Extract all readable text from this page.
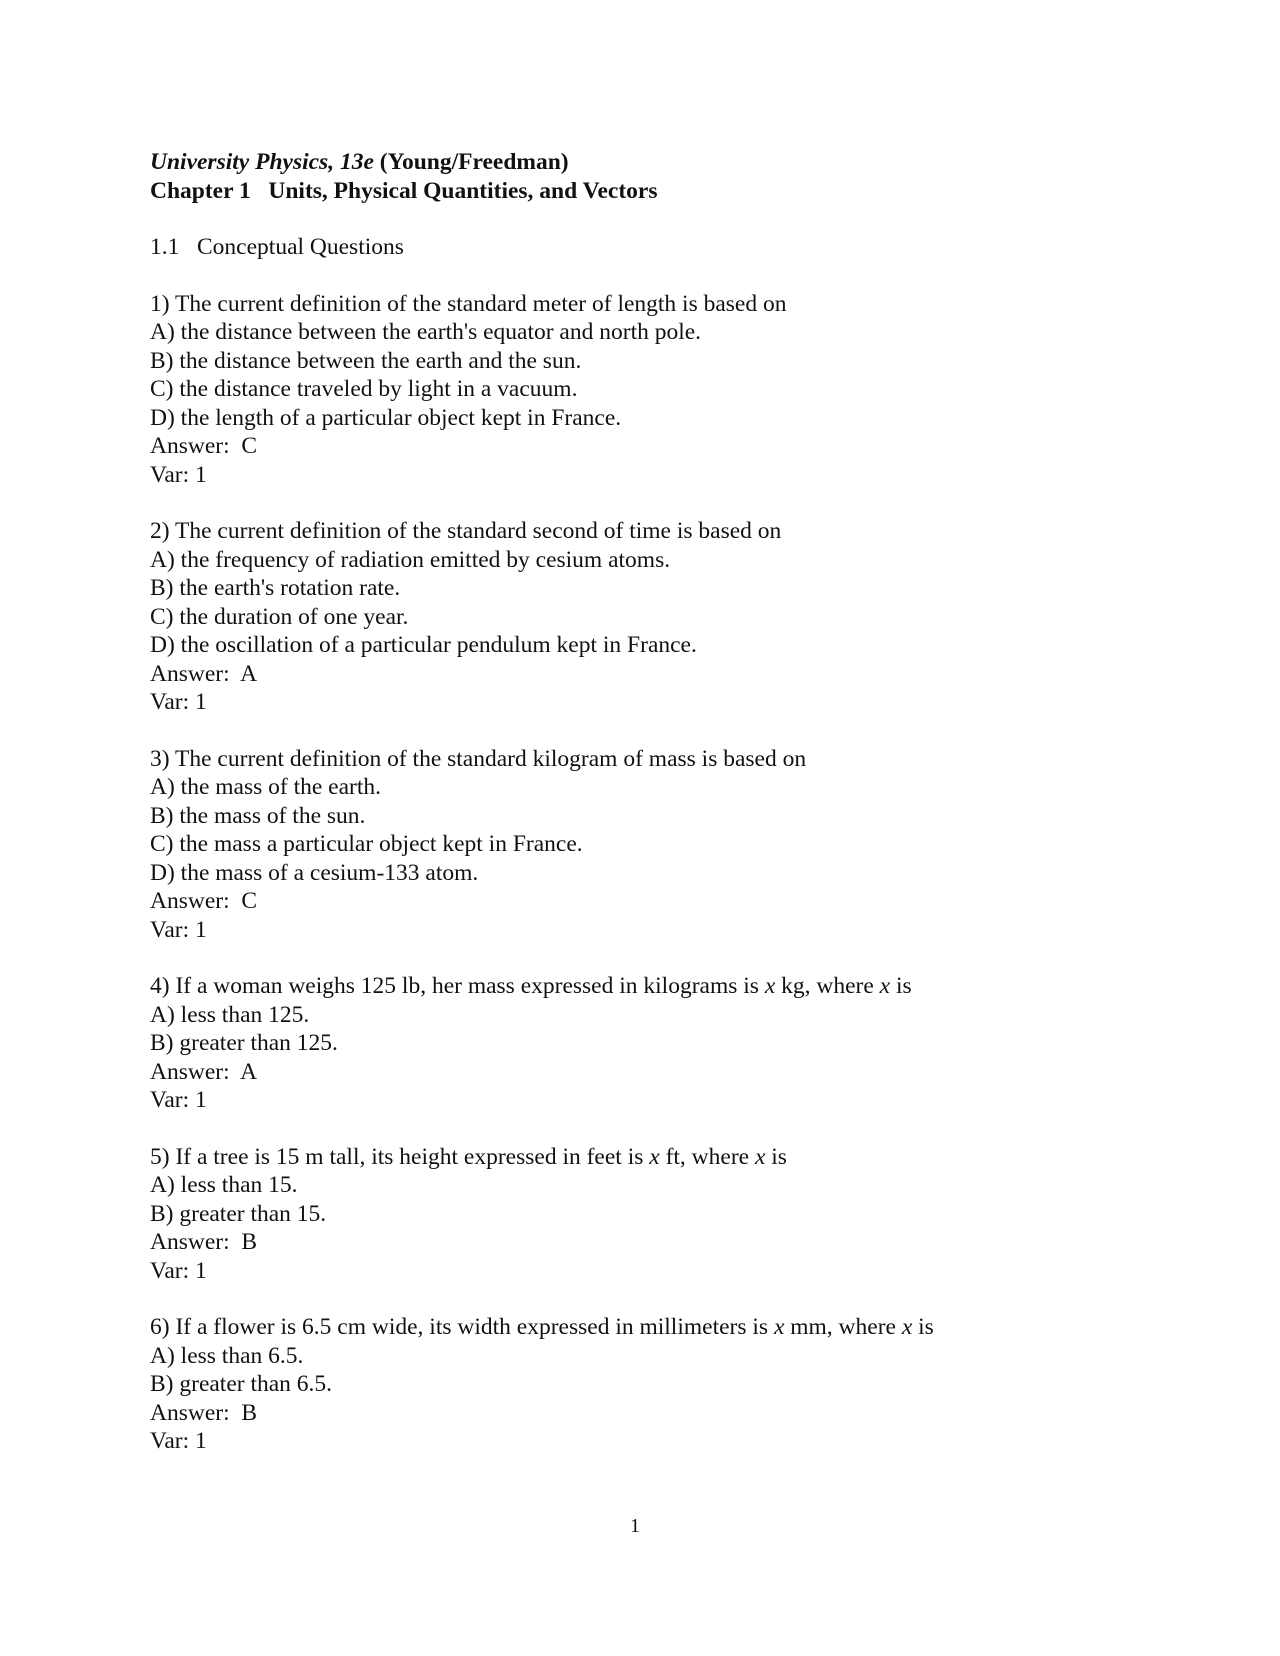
University Physics, 13e (Young/Freedman)
Chapter 1   Units, Physical Quantities, and Vectors
1.1   Conceptual Questions
1) The current definition of the standard meter of length is based on
A) the distance between the earth's equator and north pole.
B) the distance between the earth and the sun.
C) the distance traveled by light in a vacuum.
D) the length of a particular object kept in France.
Answer:  C
Var: 1
2) The current definition of the standard second of time is based on
A) the frequency of radiation emitted by cesium atoms.
B) the earth's rotation rate.
C) the duration of one year.
D) the oscillation of a particular pendulum kept in France.
Answer:  A
Var: 1
3) The current definition of the standard kilogram of mass is based on
A) the mass of the earth.
B) the mass of the sun.
C) the mass a particular object kept in France.
D) the mass of a cesium-133 atom.
Answer:  C
Var: 1
4) If a woman weighs 125 lb, her mass expressed in kilograms is x kg, where x is
A) less than 125.
B) greater than 125.
Answer:  A
Var: 1
5) If a tree is 15 m tall, its height expressed in feet is x ft, where x is
A) less than 15.
B) greater than 15.
Answer:  B
Var: 1
6) If a flower is 6.5 cm wide, its width expressed in millimeters is x mm, where x is
A) less than 6.5.
B) greater than 6.5.
Answer:  B
Var: 1
1
